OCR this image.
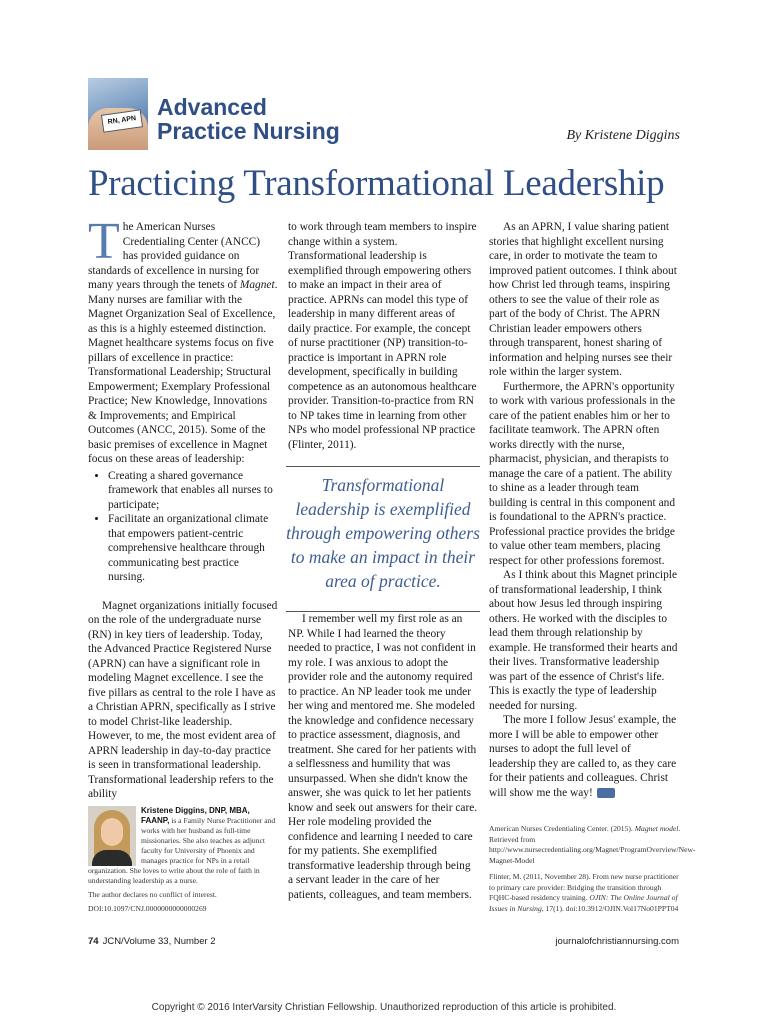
RN, APN
Advanced
Practice Nursing	By Kristene Diggins
Practicing Transformational Leadership

The American Nurses Credentialing Center (ANCC) has provided guidance on standards of excellence in nursing for many years through the tenets of Magnet. Many nurses are familiar with the Magnet Organization Seal of Excellence, as this is a highly esteemed distinction. Magnet healthcare systems focus on five pillars of excellence in practice: Transformational Leadership; Structural Empowerment; Exemplary Professional Practice; New Knowledge, Innovations & Improvements; and Empirical Outcomes (ANCC, 2015). Some of the basic premises of excellence in Magnet focus on these areas of leadership:

• Creating a shared governance framework that enables all nurses to participate;
• Facilitate an organizational climate that empowers patient-centric comprehensive healthcare through communicating best practice nursing.

Magnet organizations initially focused on the role of the undergraduate nurse (RN) in key tiers of leadership. Today, the Advanced Practice Registered Nurse (APRN) can have a significant role in modeling Magnet excellence. I see the five pillars as central to the role I have as a Christian APRN, specifically as I strive to model Christ-like leadership. However, to me, the most evident area of APRN leadership in day-to-day practice is seen in transformational leadership. Transformational leadership refers to the ability

to work through team members to inspire change within a system. Transformational leadership is exemplified through empowering others to make an impact in their area of practice. APRNs can model this type of leadership in many different areas of daily practice. For example, the concept of nurse practitioner (NP) transition-to-practice is important in APRN role development, specifically in building competence as an autonomous healthcare provider. Transition-to-practice from RN to NP takes time in learning from other NPs who model professional NP practice (Flinter, 2011).

Transformational leadership is exemplified through empowering others to make an impact in their area of practice.

I remember well my first role as an NP. While I had learned the theory needed to practice, I was not confident in my role. I was anxious to adopt the provider role and the autonomy required to practice. An NP leader took me under her wing and mentored me. She modeled the knowledge and confidence necessary to practice assessment, diagnosis, and treatment. She cared for her patients with a selflessness and humility that was unsurpassed. When she didn't know the answer, she was quick to let her patients know and seek out answers for their care. Her role modeling provided the confidence and learning I needed to care for my patients. She exemplified transformative leadership through being a servant leader in the care of her patients, colleagues, and team members.

As an APRN, I value sharing patient stories that highlight excellent nursing care, in order to motivate the team to improved patient outcomes. I think about how Christ led through teams, inspiring others to see the value of their role as part of the body of Christ. The APRN Christian leader empowers others through transparent, honest sharing of information and helping nurses see their role within the larger system.

Furthermore, the APRN's opportunity to work with various professionals in the care of the patient enables him or her to facilitate teamwork. The APRN often works directly with the nurse, pharmacist, physician, and therapists to manage the care of a patient. The ability to shine as a leader through team building is central in this component and is foundational to the APRN's practice. Professional practice provides the bridge to value other team members, placing respect for other professions foremost.

As I think about this Magnet principle of transformational leadership, I think about how Jesus led through inspiring others. He worked with the disciples to lead them through relationship by example. He transformed their hearts and their lives. Transformative leadership was part of the essence of Christ's life. This is exactly the type of leadership needed for nursing.

The more I follow Jesus' example, the more I will be able to empower other nurses to adopt the full level of leadership they are called to, as they care for their patients and colleagues. Christ will show me the way!

Kristene Diggins, DNP, MBA, FAANP, is a Family Nurse Practitioner and works with her husband as full-time missionaries. She also teaches as adjunct faculty for University of Phoenix and manages practice for NPs in a retail organization. She loves to write about the role of faith in understanding leadership as a nurse.

The author declares no conflict of interest.

DOI:10.1097/CNJ.0000000000000269

American Nurses Credentialing Center. (2015). Magnet model. Retrieved from http://www.nursecredentialing.org/Magnet/ProgramOverview/New-Magnet-Model

Flinter, M. (2011, November 28). From new nurse practitioner to primary care provider: Bridging the transition through FQHC-based residency training. OJIN: The Online Journal of Issues in Nursing, 17(1). doi:10.3912/OJIN.Vol17No01PPT04

74 JCN/Volume 33, Number 2	journalofchristiannursing.com
Copyright © 2016 InterVarsity Christian Fellowship. Unauthorized reproduction of this article is prohibited.
